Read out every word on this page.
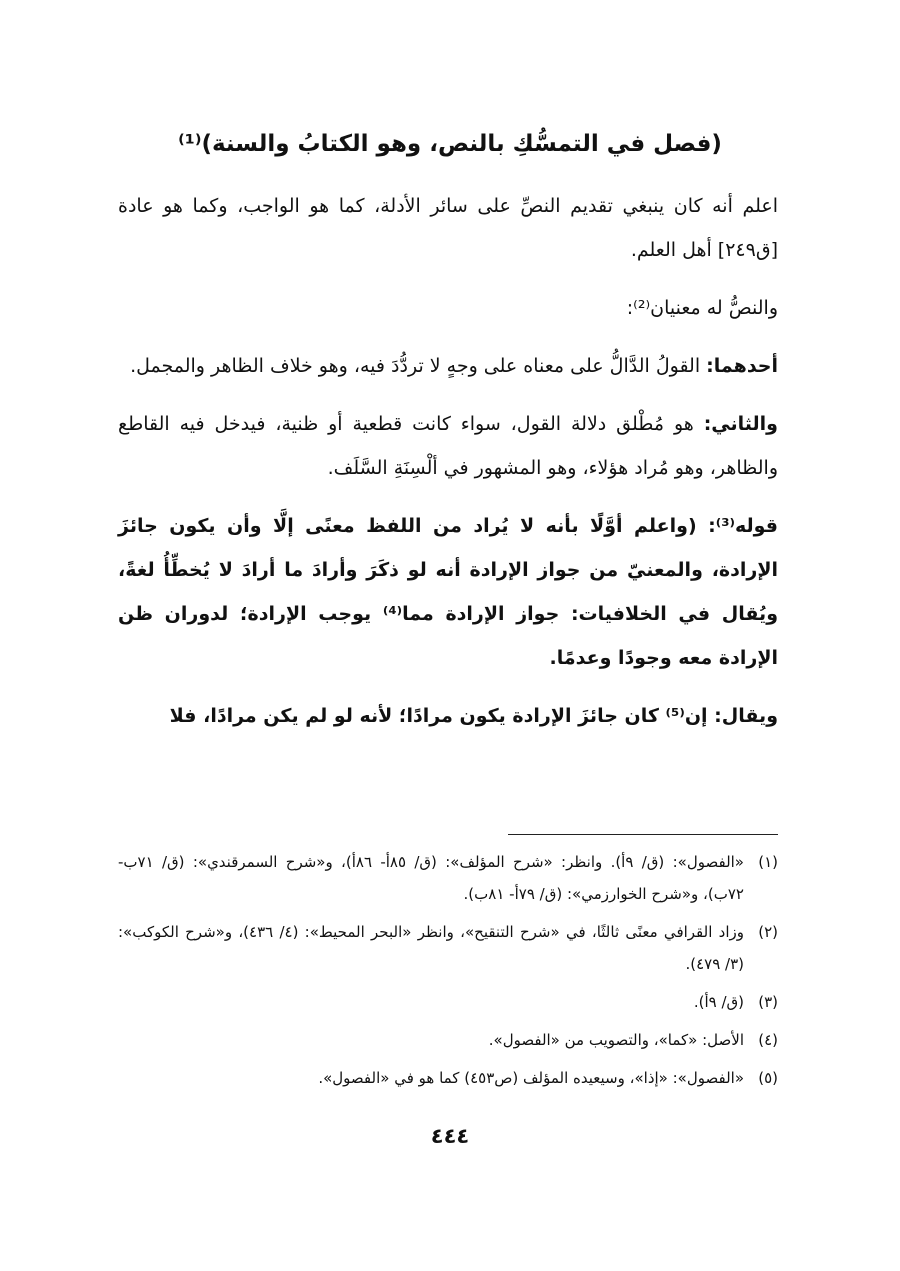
(فصل في التمسُّكِ بالنص، وهو الكتابُ والسنة)⁽¹⁾

اعلم أنه كان ينبغي تقديم النصِّ على سائر الأدلة، كما هو الواجب، وكما هو عادة [ق٢٤٩] أهل العلم.

والنصُّ له معنيان⁽²⁾:

أحدهما: القولُ الدَّالُّ على معناه على وجهٍ لا تردُّدَ فيه، وهو خلاف الظاهر والمجمل.

والثاني: هو مُطْلق دلالة القول، سواء كانت قطعية أو ظنية، فيدخل فيه القاطع والظاهر، وهو مُراد هؤلاء، وهو المشهور في ألْسِنَةِ السَّلَف.

قوله⁽³⁾: (واعلم أوَّلًا بأنه لا يُراد من اللفظ معنًى إلَّا وأن يكون جائزَ الإرادة، والمعنيّ من جواز الإرادة أنه لو ذكَرَ وأرادَ ما أرادَ لا يُخطِّأُ لغةً، ويُقال في الخلافيات: جواز الإرادة مما⁽⁴⁾ يوجب الإرادة؛ لدوران ظن الإرادة معه وجودًا وعدمًا.

ويقال: إن⁽⁵⁾ كان جائزَ الإرادة يكون مرادًا؛ لأنه لو لم يكن مرادًا، فلا

(١)
«الفصول»: (ق/ ٩أ). وانظر: «شرح المؤلف»: (ق/ ٨٥أ- ٨٦أ)، و«شرح السمرقندي»: (ق/ ٧١ب- ٧٢ب)، و«شرح الخوارزمي»: (ق/ ٧٩أ- ٨١ب).
(٢)
وزاد القرافي معنًى ثالثًا، في «شرح التنقيح»، وانظر «البحر المحيط»: (٤/ ٤٣٦)، و«شرح الكوكب»: (٣/ ٤٧٩).
(٣)
(ق/ ٩أ).
(٤)
الأصل: «كما»، والتصويب من «الفصول».
(٥)
«الفصول»: «إذا»، وسيعيده المؤلف (ص٤٥٣) كما هو في «الفصول».
٤٤٤
